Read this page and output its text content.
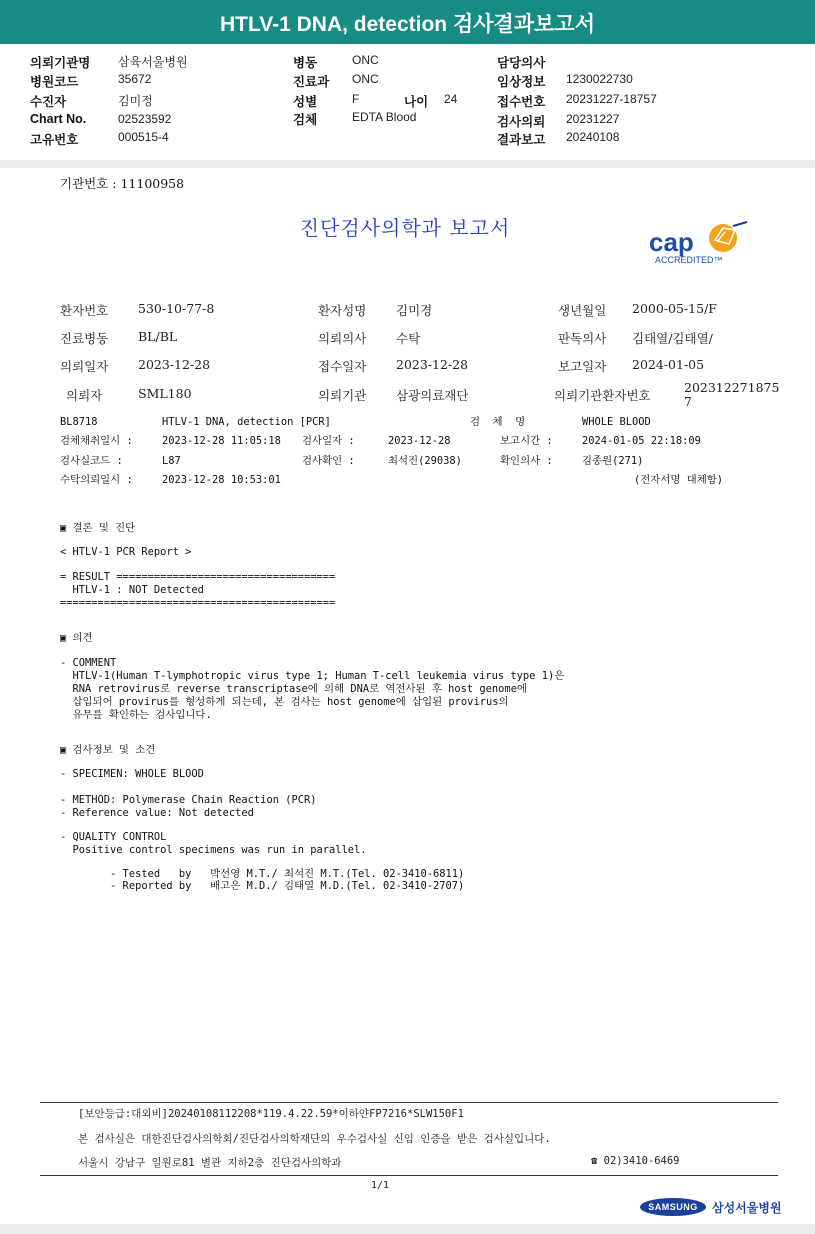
HTLV-1 DNA, detection 검사결과보고서
의뢰기관명 삼육서울병원
병원코드	35672
수진자	김미정
Chart No.	02523592
고유번호	000515-4
병동	ONC
진료과 ONC
성별	F	나이 24
검체	EDTA Blood
담당의사
임상정보 1230022730
접수번호 20231227-18757
검사의뢰 20231227
결과보고 20240108
기관번호 : 11100958
진단검사의학과 보고서	cap
ACCREDITED™
환자번호 530-10-77-8	환자성명 김미경	생년월일 2000-05-15/F
진료병동 BL/BL	의뢰의사 수탁	판독의사 김태열/김태열/
의뢰일자 2023-12-28	접수일자 2023-12-28	보고일자 2024-01-05
의뢰자	SML180	의뢰기관 삼광의료재단	의뢰기관환자번호
202312271875
7
BL8718	HTLV-1 DNA, detection [PCR]	검  체  명	WHOLE BLOOD
검체채취일시 :	2023-12-28 11:05:18 검사일자 :	2023-12-28	보고시간 :	2024-01-05 22:18:09
검사실코드 :	L87	검사확인 :	최석진(29038)	확인의사 :	김종원(271)
수탁의뢰일시 :	2023-12-28 10:53:01	(전자서명 대체함)
▣ 결론 및 진단
< HTLV-1 PCR Report >
= RESULT ===================================
HTLV-1 : NOT Detected
============================================
▣ 의견
- COMMENT
HTLV-1(Human T-lymphotropic virus type 1; Human T-cell leukemia virus type 1)은
RNA retrovirus로 reverse transcriptase에 의해 DNA로 역전사된 후 host genome에
삽입되어 provirus를 형성하게 되는데, 본 검사는 host genome에 삽입된 provirus의
유무를 확인하는 검사입니다.
▣ 검사정보 및 소견
- SPECIMEN: WHOLE BLOOD
- METHOD: Polymerase Chain Reaction (PCR)
- Reference value: Not detected
- QUALITY CONTROL
Positive control specimens was run in parallel.
- Tested   by   박선영 M.T./ 최석진 M.T.(Tel. 02-3410-6811)
- Reported by   배고은 M.D./ 김태열 M.D.(Tel. 02-3410-2707)
[보안등급:대외비]20240108112208*119.4.22.59*이하얀FP7216*SLW150F1
본 검사실은 대한진단검사의학회/진단검사의학재단의 우수검사실 신임 인증을 받은 검사실입니다.
서울시 강남구 일원로81 별관 지하2층 진단검사의학과	☎ 02)3410-6469
1/1
SAMSUNG	삼성서울병원
